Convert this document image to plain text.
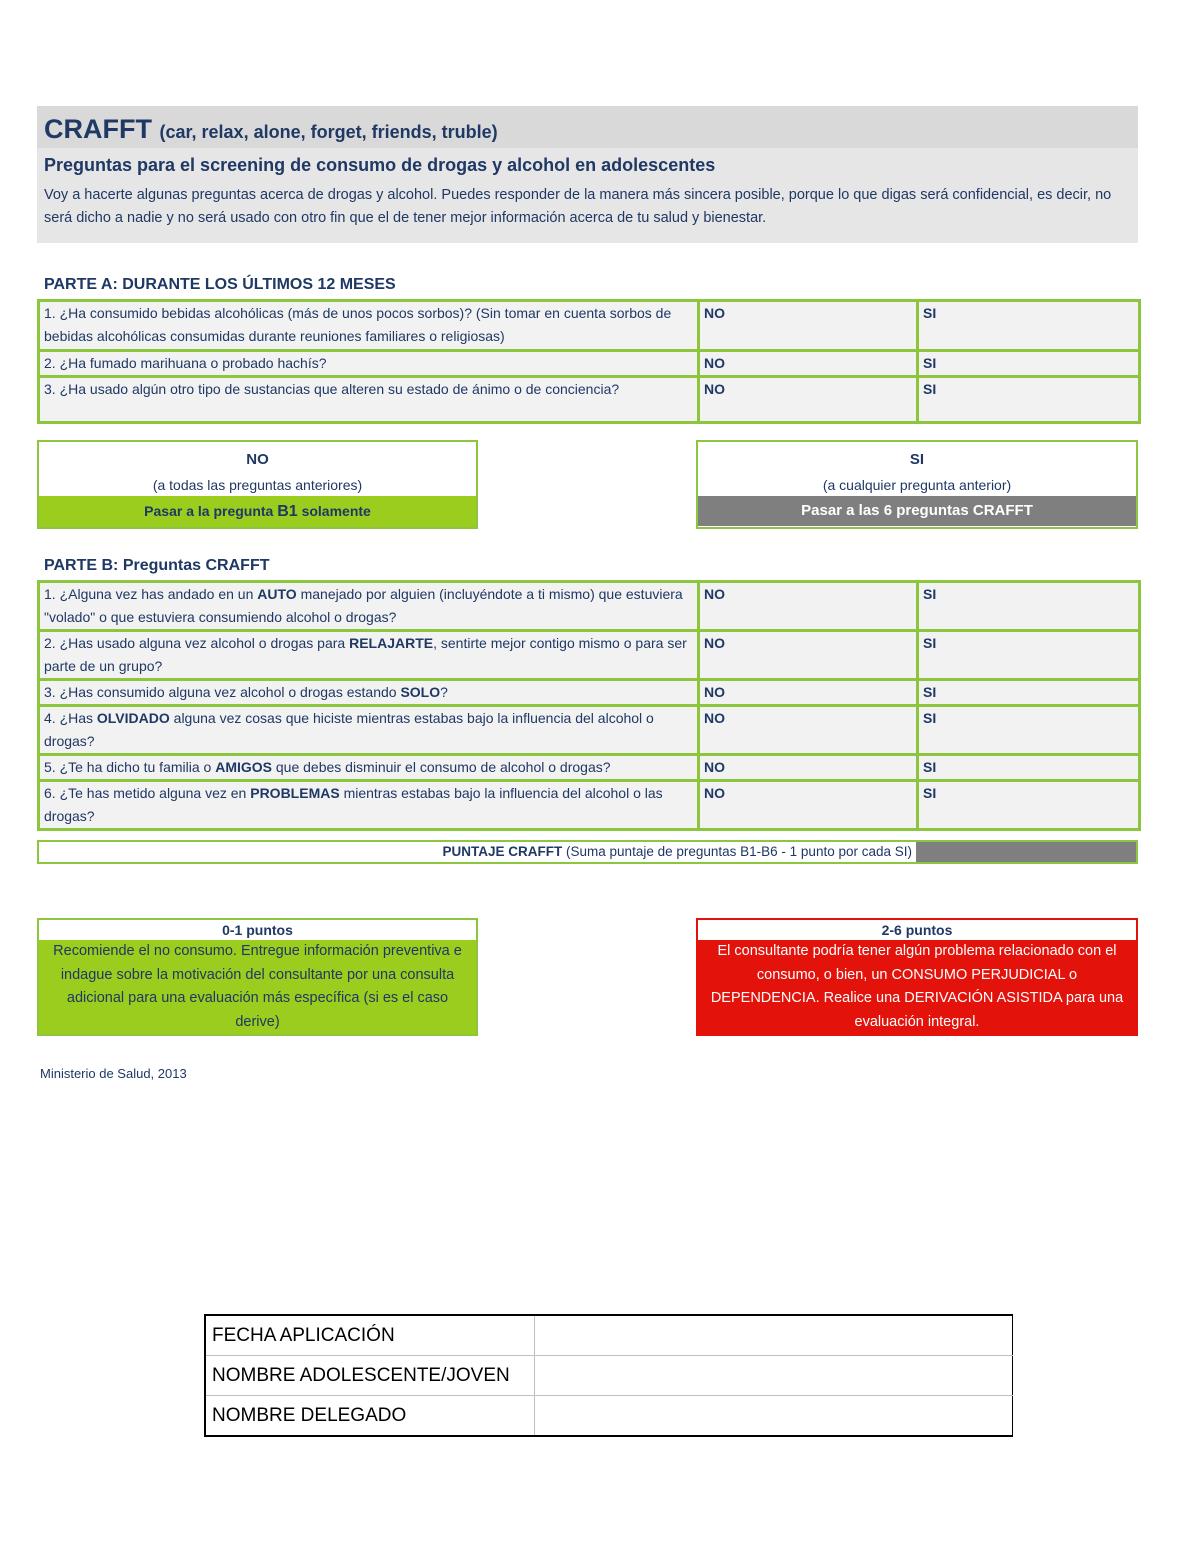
CRAFFT (car, relax, alone, forget, friends, truble)
Preguntas para el screening de consumo de drogas y alcohol en adolescentes
Voy a hacerte algunas preguntas acerca de drogas y alcohol. Puedes responder de la manera más sincera posible, porque lo que digas será confidencial, es decir, no será dicho a nadie y no será usado con otro fin que el de tener mejor información acerca de tu salud y bienestar.
PARTE A: DURANTE LOS ÚLTIMOS 12 MESES
1. ¿Ha consumido bebidas alcohólicas (más de unos pocos sorbos)? (Sin tomar en cuenta sorbos de bebidas alcohólicas consumidas durante reuniones familiares o religiosas)	NO	SI
2. ¿Ha fumado marihuana o probado hachís?	NO	SI
3. ¿Ha usado algún otro tipo de sustancias que alteren su estado de ánimo o de conciencia?	NO	SI
NO
(a todas las preguntas anteriores)
Pasar a la pregunta B1 solamente
SI
(a cualquier pregunta anterior)
Pasar a las 6 preguntas CRAFFT
PARTE B: Preguntas CRAFFT
1. ¿Alguna vez has andado en un AUTO manejado por alguien (incluyéndote a ti mismo) que estuviera "volado" o que estuviera consumiendo alcohol o drogas?	NO	SI
2. ¿Has usado alguna vez alcohol o drogas para RELAJARTE, sentirte mejor contigo mismo o para ser parte de un grupo?	NO	SI
3. ¿Has consumido alguna vez alcohol o drogas estando SOLO?	NO	SI
4. ¿Has OLVIDADO alguna vez cosas que hiciste mientras estabas bajo la influencia del alcohol o drogas?	NO	SI
5. ¿Te ha dicho tu familia o AMIGOS que debes disminuir el consumo de alcohol o drogas?	NO	SI
6. ¿Te has metido alguna vez en PROBLEMAS mientras estabas bajo la influencia del alcohol o las drogas?	NO	SI
PUNTAJE CRAFFT (Suma puntaje de preguntas B1-B6 - 1 punto por cada SI)
0-1 puntos
Recomiende el no consumo. Entregue información preventiva e indague sobre la motivación del consultante por una consulta adicional para una evaluación más específica (si es el caso derive)
2-6 puntos
El consultante podría tener algún problema relacionado con el consumo, o bien, un CONSUMO PERJUDICIAL o DEPENDENCIA. Realice una DERIVACIÓN ASISTIDA para una evaluación integral.
Ministerio de Salud, 2013
FECHA APLICACIÓN	
NOMBRE ADOLESCENTE/JOVEN	
NOMBRE DELEGADO	
